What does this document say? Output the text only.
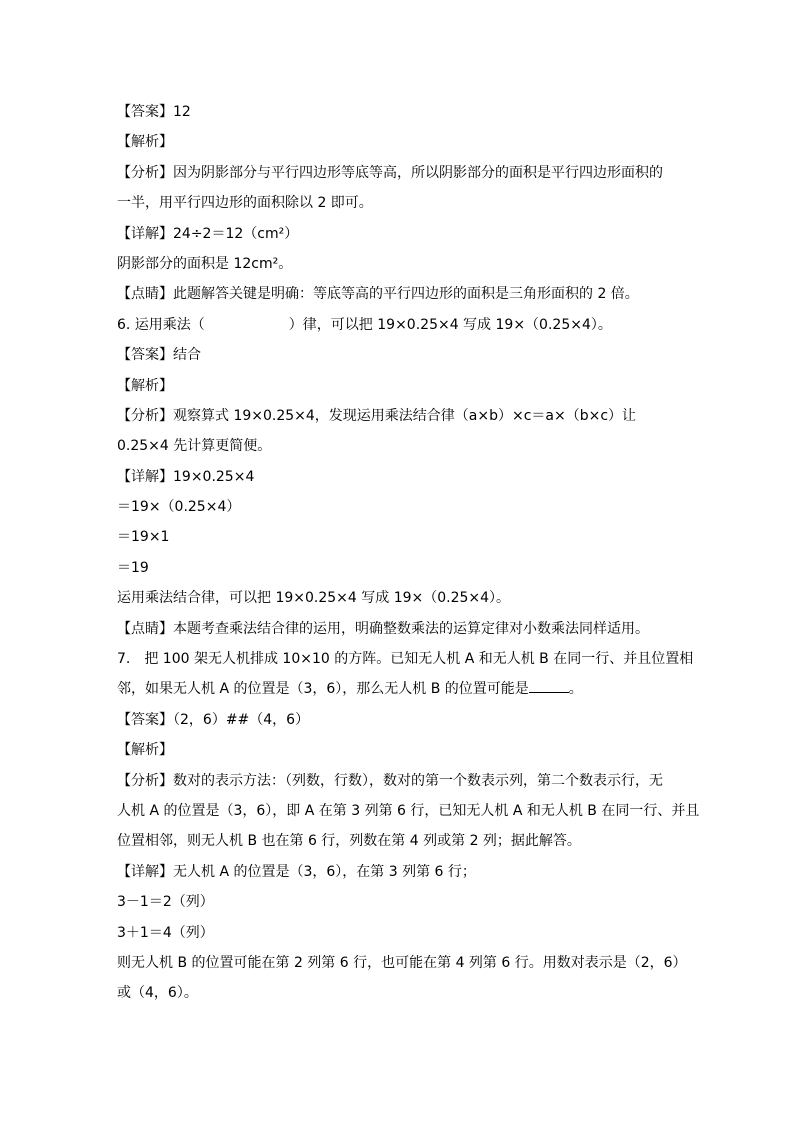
【答案】12
【解析】
【分析】因为阴影部分与平行四边形等底等高，所以阴影部分的面积是平行四边形面积的
一半，用平行四边形的面积除以 2 即可。
【详解】24÷2＝12（cm²）
阴影部分的面积是 12cm²。
【点睛】此题解答关键是明确：等底等高的平行四边形的面积是三角形面积的 2 倍。
6. 运用乘法（　　　　　　）律，可以把 19×0.25×4 写成 19×（0.25×4）。
【答案】结合
【解析】
【分析】观察算式 19×0.25×4，发现运用乘法结合律（a×b）×c＝a×（b×c）让
0.25×4 先计算更简便。
【详解】19×0.25×4
＝19×（0.25×4）
＝19×1
＝19
运用乘法结合律，可以把 19×0.25×4 写成 19×（0.25×4）。
【点睛】本题考查乘法结合律的运用，明确整数乘法的运算定律对小数乘法同样适用。
7.　把 100 架无人机排成 10×10 的方阵。已知无人机 A 和无人机 B 在同一行、并且位置相
邻，如果无人机 A 的位置是（3，6），那么无人机 B 的位置可能是	。
【答案】（2，6）##（4，6）
【解析】
【分析】数对的表示方法：（列数，行数），数对的第一个数表示列，第二个数表示行，无
人机 A 的位置是（3，6），即 A 在第 3 列第 6 行，已知无人机 A 和无人机 B 在同一行、并且
位置相邻，则无人机 B 也在第 6 行，列数在第 4 列或第 2 列；据此解答。
【详解】无人机 A 的位置是（3，6），在第 3 列第 6 行；
3－1＝2（列）
3＋1＝4（列）
则无人机 B 的位置可能在第 2 列第 6 行，也可能在第 4 列第 6 行。用数对表示是（2，6）
或（4，6）。
